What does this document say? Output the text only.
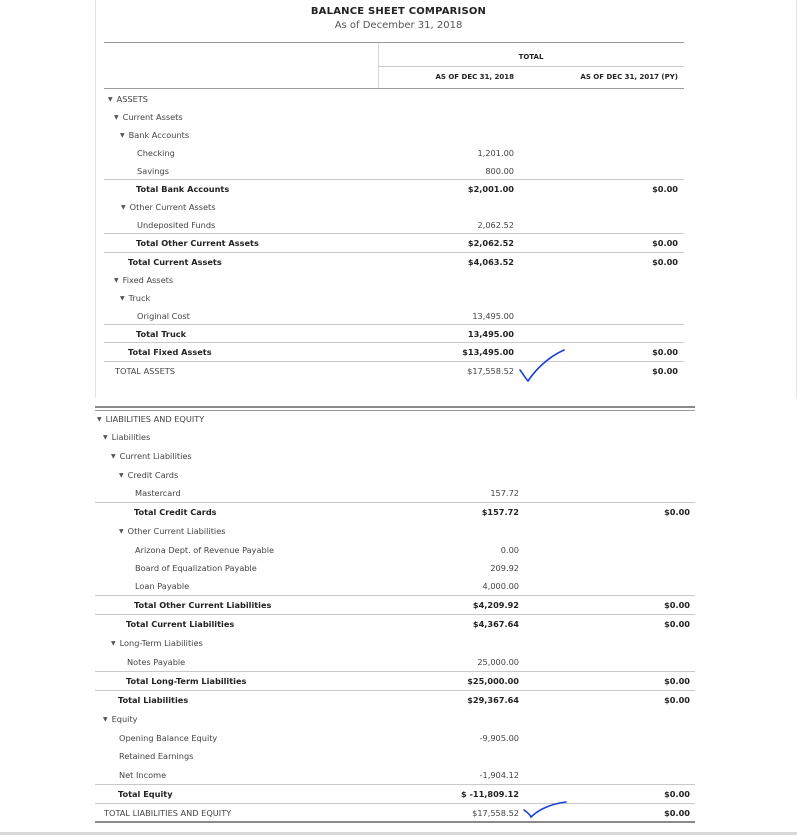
BALANCE SHEET COMPARISON
As of December 31, 2018
TOTAL
AS OF DEC 31, 2018	AS OF DEC 31, 2017 (PY)
▼ ASSETS
▼ Current Assets
▼ Bank Accounts
Checking	1,201.00
Savings	800.00
Total Bank Accounts	$2,001.00	$0.00
▼ Other Current Assets
Undeposited Funds	2,062.52
Total Other Current Assets	$2,062.52	$0.00
Total Current Assets	$4,063.52	$0.00
▼ Fixed Assets
▼ Truck
Original Cost	13,495.00
Total Truck	13,495.00
Total Fixed Assets	$13,495.00	$0.00
TOTAL ASSETS	$17,558.52	$0.00
▼ LIABILITIES AND EQUITY
▼ Liabilities
▼ Current Liabilities
▼ Credit Cards
Mastercard	157.72
Total Credit Cards	$157.72	$0.00
▼ Other Current Liabilities
Arizona Dept. of Revenue Payable	0.00
Board of Equalization Payable	209.92
Loan Payable	4,000.00
Total Other Current Liabilities	$4,209.92	$0.00
Total Current Liabilities	$4,367.64	$0.00
▼ Long-Term Liabilities
Notes Payable	25,000.00
Total Long-Term Liabilities	$25,000.00	$0.00
Total Liabilities	$29,367.64	$0.00
▼ Equity
Opening Balance Equity	-9,905.00
Retained Earnings
Net Income	-1,904.12
Total Equity	$ -11,809.12	$0.00
TOTAL LIABILITIES AND EQUITY	$17,558.52	$0.00
